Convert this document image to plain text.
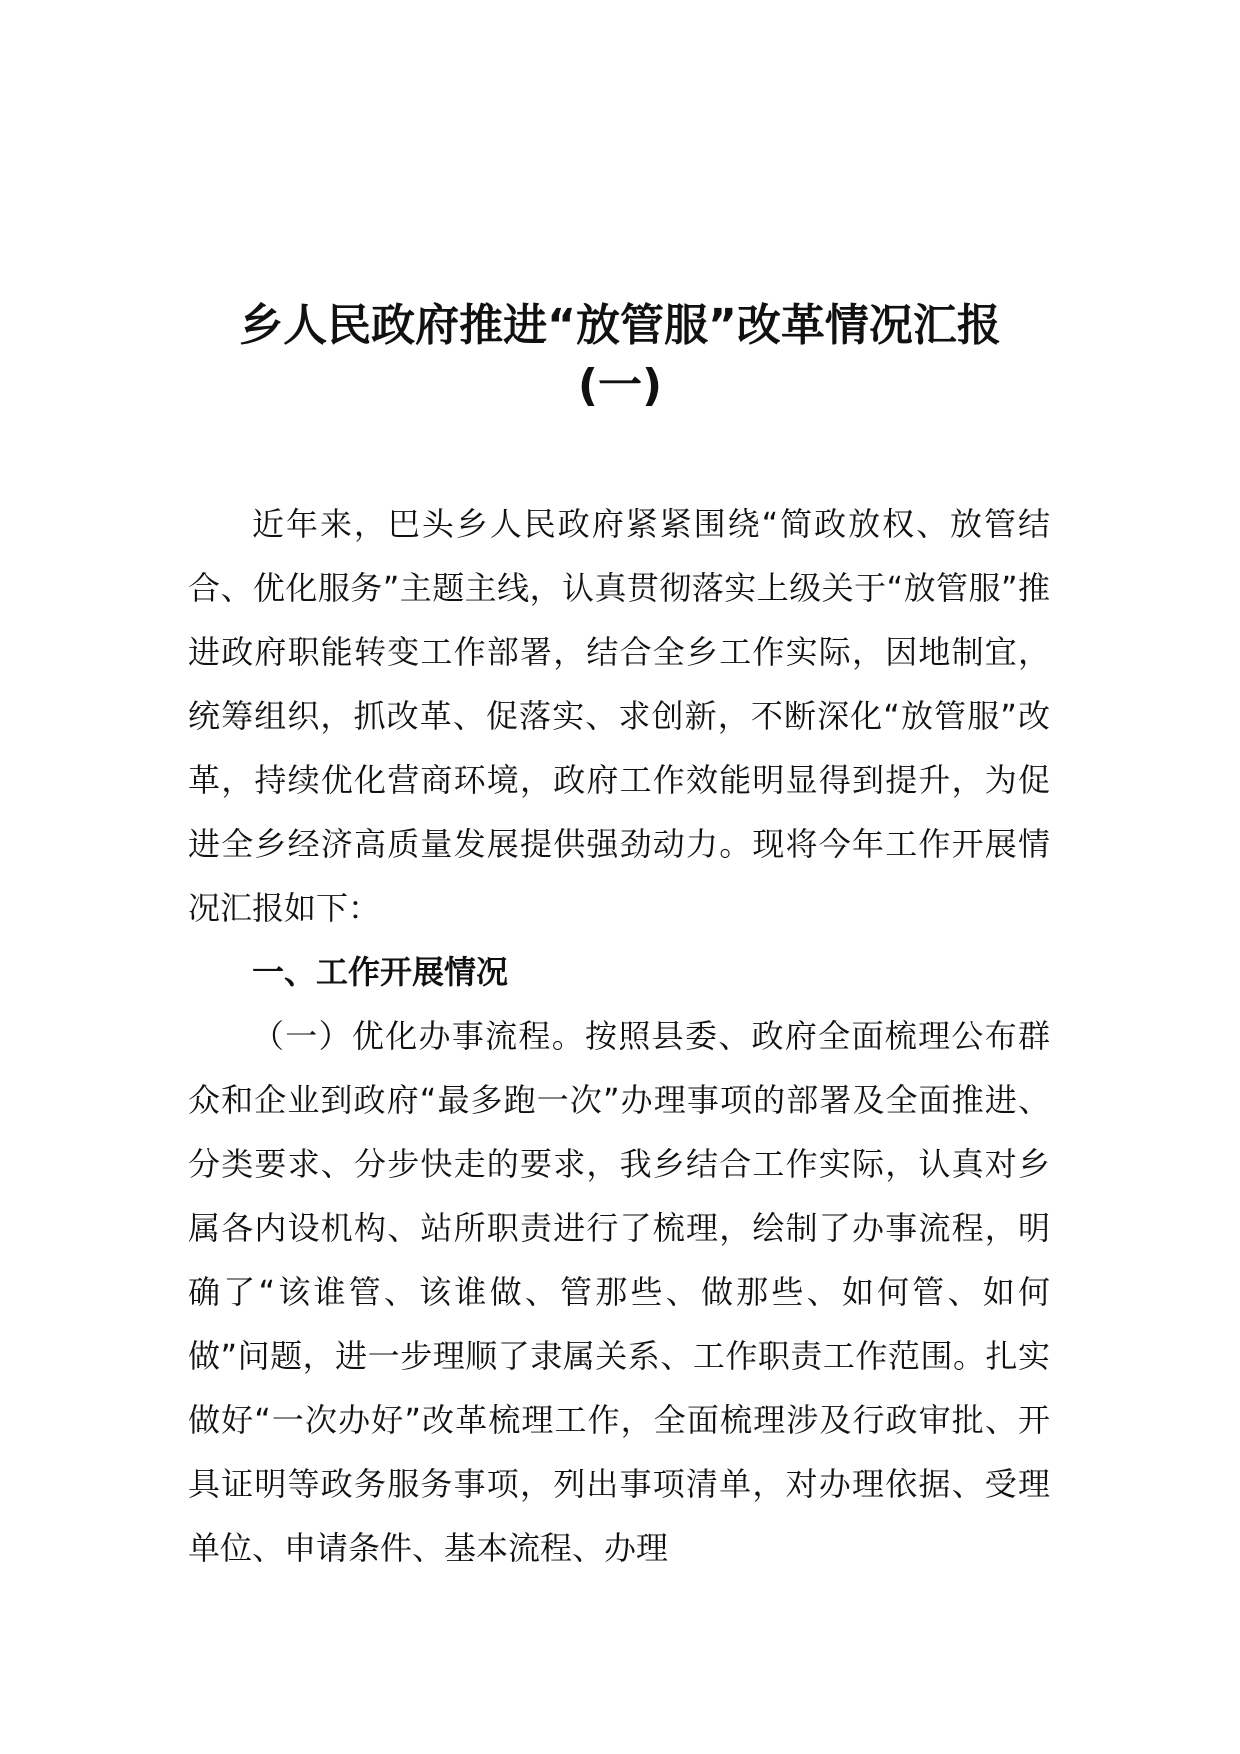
乡人民政府推进“放管服”改革情况汇报
(一)

近年来，巴头乡人民政府紧紧围绕“简政放权、放管结合、优化服务”主题主线，认真贯彻落实上级关于“放管服”推进政府职能转变工作部署，结合全乡工作实际，因地制宜，统筹组织，抓改革、促落实、求创新，不断深化“放管服”改革，持续优化营商环境，政府工作效能明显得到提升，为促进全乡经济高质量发展提供强劲动力。现将今年工作开展情况汇报如下：

一、工作开展情况

（一）优化办事流程。按照县委、政府全面梳理公布群众和企业到政府“最多跑一次”办理事项的部署及全面推进、分类要求、分步快走的要求，我乡结合工作实际，认真对乡属各内设机构、站所职责进行了梳理，绘制了办事流程，明确了“该谁管、该谁做、管那些、做那些、如何管、如何做”问题，进一步理顺了隶属关系、工作职责工作范围。扎实做好“一次办好”改革梳理工作，全面梳理涉及行政审批、开具证明等政务服务事项，列出事项清单，对办理依据、受理单位、申请条件、基本流程、办理
